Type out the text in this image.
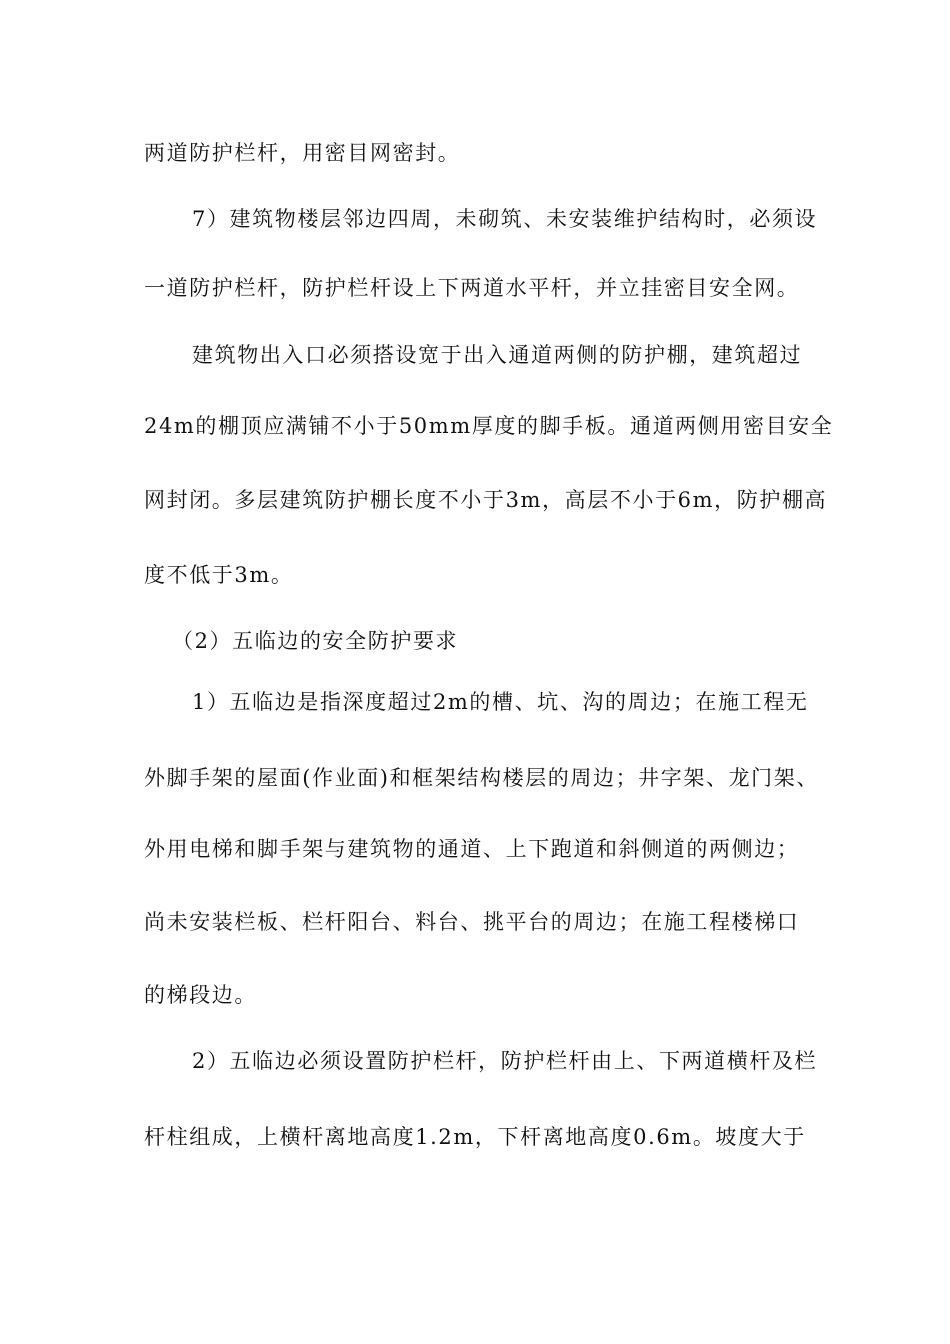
两道防护栏杆，用密目网密封。
7）建筑物楼层邻边四周，未砌筑、未安装维护结构时，必须设
一道防护栏杆，防护栏杆设上下两道水平杆，并立挂密目安全网。
建筑物出入口必须搭设宽于出入通道两侧的防护棚，建筑超过
24m的棚顶应满铺不小于50mm厚度的脚手板。通道两侧用密目安全
网封闭。多层建筑防护棚长度不小于3m，高层不小于6m，防护棚高
度不低于3m。
（2）五临边的安全防护要求
1）五临边是指深度超过2m的槽、坑、沟的周边；在施工程无
外脚手架的屋面(作业面)和框架结构楼层的周边；井字架、龙门架、
外用电梯和脚手架与建筑物的通道、上下跑道和斜侧道的两侧边；
尚未安装栏板、栏杆阳台、料台、挑平台的周边；在施工程楼梯口
的梯段边。
2）五临边必须设置防护栏杆，防护栏杆由上、下两道横杆及栏
杆柱组成，上横杆离地高度1.2m，下杆离地高度0.6m。坡度大于
